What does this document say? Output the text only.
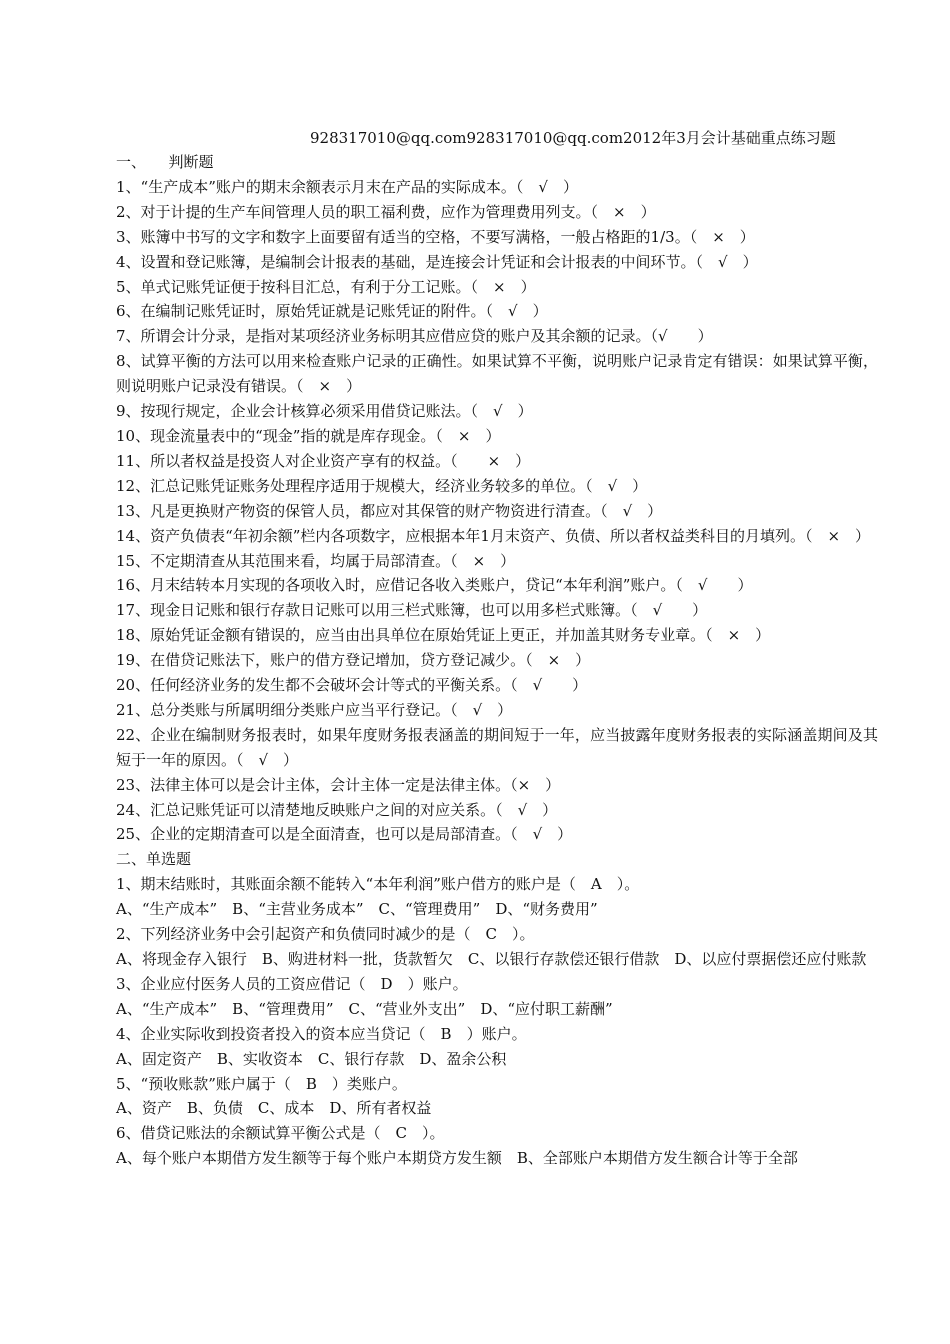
928317010@qq.com928317010@qq.com2012年3月会计基础重点练习题

一、　　判断题

1、“生产成本”账户的期末余额表示月末在产品的实际成本。（　√　）

2、对于计提的生产车间管理人员的职工福利费，应作为管理费用列支。（　×　）

3、账簿中书写的文字和数字上面要留有适当的空格，不要写满格，一般占格距的1/3。（　×　）

4、设置和登记账簿，是编制会计报表的基础，是连接会计凭证和会计报表的中间环节。（　√　）

5、单式记账凭证便于按科目汇总，有利于分工记账。（　×　）

6、在编制记账凭证时，原始凭证就是记账凭证的附件。（　√　）

7、所谓会计分录，是指对某项经济业务标明其应借应贷的账户及其余额的记录。（√　　）

8、试算平衡的方法可以用来检查账户记录的正确性。如果试算不平衡，说明账户记录肯定有错误：如果试算平衡，则说明账户记录没有错误。（　×　）

9、按现行规定，企业会计核算必须采用借贷记账法。（　√　）

10、现金流量表中的“现金”指的就是库存现金。（　×　）

11、所以者权益是投资人对企业资产享有的权益。（　　×　）

12、汇总记账凭证账务处理程序适用于规模大，经济业务较多的单位。（　√　）

13、凡是更换财产物资的保管人员，都应对其保管的财产物资进行清查。（　√　）

14、资产负债表“年初余额”栏内各项数字，应根据本年1月末资产、负债、所以者权益类科目的月填列。（　×　）

15、不定期清查从其范围来看，均属于局部清查。（　×　）

16、月末结转本月实现的各项收入时，应借记各收入类账户，贷记“本年利润”账户。（　√　　）

17、现金日记账和银行存款日记账可以用三栏式账簿，也可以用多栏式账簿。（　√　　）

18、原始凭证金额有错误的，应当由出具单位在原始凭证上更正，并加盖其财务专业章。（　×　）

19、在借贷记账法下，账户的借方登记增加，贷方登记减少。（　×　）

20、任何经济业务的发生都不会破坏会计等式的平衡关系。（　√　　）

21、总分类账与所属明细分类账户应当平行登记。（　√　）

22、企业在编制财务报表时，如果年度财务报表涵盖的期间短于一年，应当披露年度财务报表的实际涵盖期间及其短于一年的原因。（　√　）

23、法律主体可以是会计主体，会计主体一定是法律主体。（×　）

24、汇总记账凭证可以清楚地反映账户之间的对应关系。（　√　）

25、企业的定期清查可以是全面清查，也可以是局部清查。（　√　）

二、单选题

1、期末结账时，其账面余额不能转入“本年利润”账户借方的账户是（　A　）。

A、“生产成本”　B、“主营业务成本”　C、“管理费用”　D、“财务费用”

2、下列经济业务中会引起资产和负债同时减少的是（　C　）。

A、将现金存入银行　B、购进材料一批，货款暂欠　C、以银行存款偿还银行借款　D、以应付票据偿还应付账款

3、企业应付医务人员的工资应借记（　D　）账户。

A、“生产成本”　B、“管理费用”　C、“营业外支出”　D、“应付职工薪酬”

4、企业实际收到投资者投入的资本应当贷记（　B　）账户。

A、固定资产　B、实收资本　C、银行存款　D、盈余公积

5、“预收账款”账户属于（　B　）类账户。

A、资产　B、负债　C、成本　D、所有者权益

6、借贷记账法的余额试算平衡公式是（　C　）。

A、每个账户本期借方发生额等于每个账户本期贷方发生额　B、全部账户本期借方发生额合计等于全部
